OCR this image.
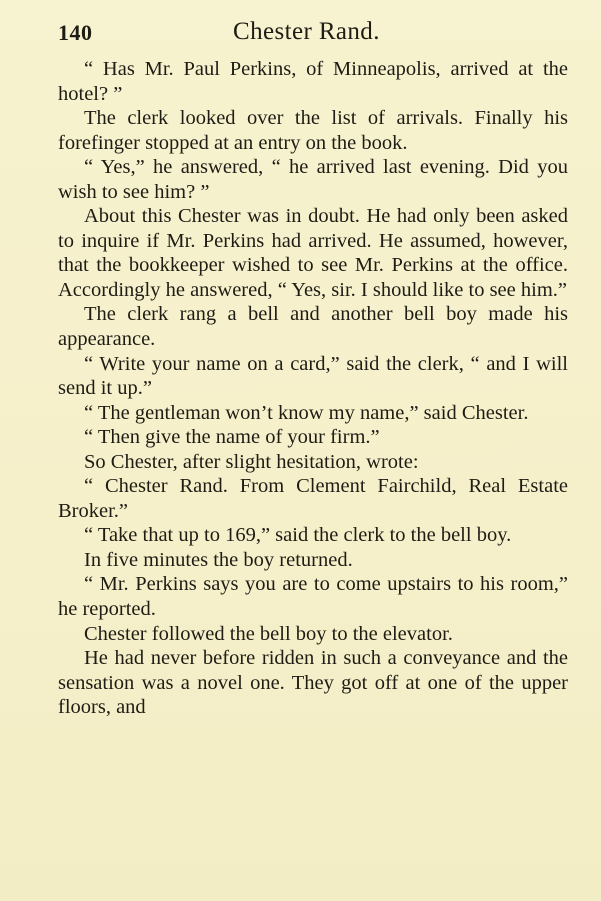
140	Chester Rand.

“ Has Mr. Paul Perkins, of Minneapolis, arrived at the hotel? ”

The clerk looked over the list of arrivals. Finally his forefinger stopped at an entry on the book.

“ Yes,” he answered, “ he arrived last evening. Did you wish to see him? ”

About this Chester was in doubt. He had only been asked to inquire if Mr. Perkins had arrived. He assumed, however, that the bookkeeper wished to see Mr. Perkins at the office. Accordingly he answered, “ Yes, sir. I should like to see him.”

The clerk rang a bell and another bell boy made his appearance.

“ Write your name on a card,” said the clerk, “ and I will send it up.”

“ The gentleman won’t know my name,” said Chester.

“ Then give the name of your firm.”

So Chester, after slight hesitation, wrote:

“ Chester Rand. From Clement Fairchild, Real Estate Broker.”

“ Take that up to 169,” said the clerk to the bell boy.

In five minutes the boy returned.

“ Mr. Perkins says you are to come upstairs to his room,” he reported.

Chester followed the bell boy to the elevator.

He had never before ridden in such a conveyance and the sensation was a novel one. They got off at one of the upper floors, and
